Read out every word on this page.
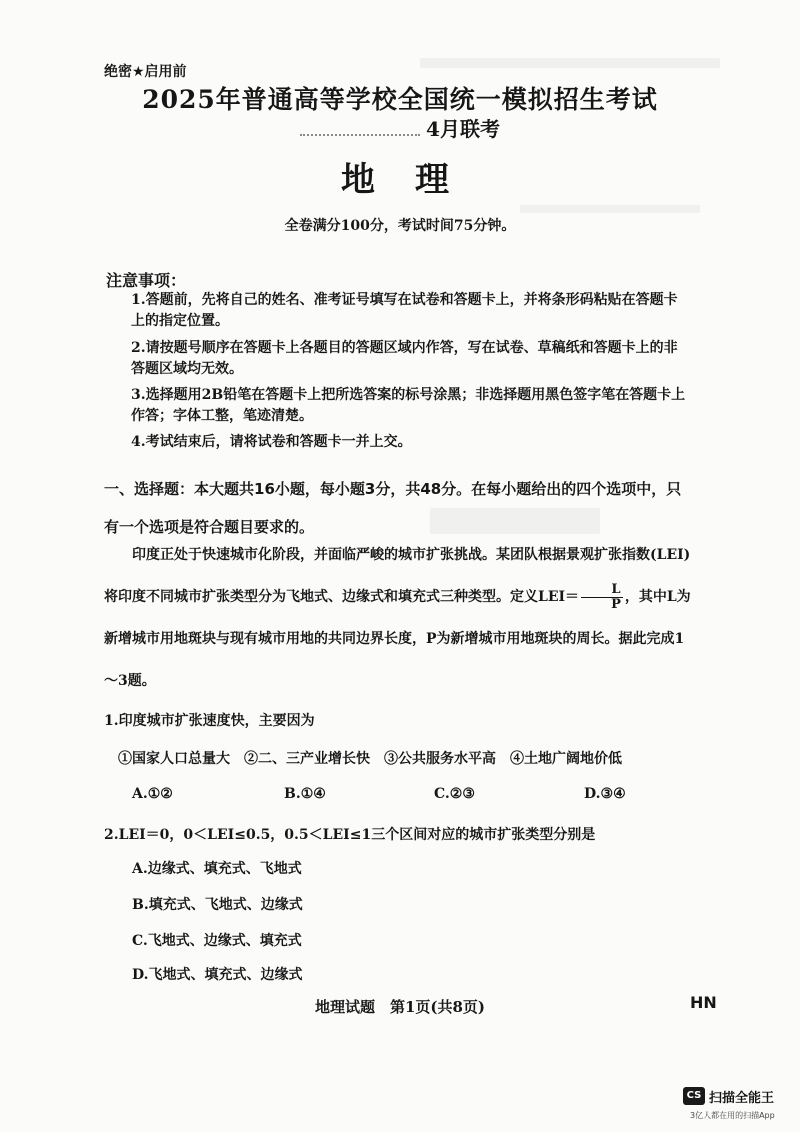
绝密★启用前
2025年普通高等学校全国统一模拟招生考试
4月联考
地理
全卷满分100分，考试时间75分钟。
注意事项：
1.答题前，先将自己的姓名、准考证号填写在试卷和答题卡上，并将条形码粘贴在答题卡上的指定位置。
2.请按题号顺序在答题卡上各题目的答题区域内作答，写在试卷、草稿纸和答题卡上的非答题区域均无效。
3.选择题用2B铅笔在答题卡上把所选答案的标号涂黑；非选择题用黑色签字笔在答题卡上作答；字体工整，笔迹清楚。
4.考试结束后，请将试卷和答题卡一并上交。
一、选择题：本大题共16小题，每小题3分，共48分。在每小题给出的四个选项中，只有一个选项是符合题目要求的。
印度正处于快速城市化阶段，并面临严峻的城市扩张挑战。某团队根据景观扩张指数(LEI)将印度不同城市扩张类型分为飞地式、边缘式和填充式三种类型。定义$LEI= \frac{L}{P}$ ，其中L为新增城市用地斑块与现有城市用地的共同边界长度，P为新增城市用地斑块的周长。据此完成1～3题。
1.印度城市扩张速度快，主要因为
①国家人口总量大　②二、三产业增长快　③公共服务水平高　④土地广阔地价低
A.①②	B.①④	C.②③	D.③④
2.LEI＝0，0＜LEI≤0.5，0.5＜LEI≤1三个区间对应的城市扩张类型分别是
A.边缘式、填充式、飞地式
B.填充式、飞地式、边缘式
C.飞地式、边缘式、填充式
D.飞地式、填充式、边缘式
地理试题　第1页(共8页)	HN
CS 扫描全能王
3亿人都在用的扫描App
